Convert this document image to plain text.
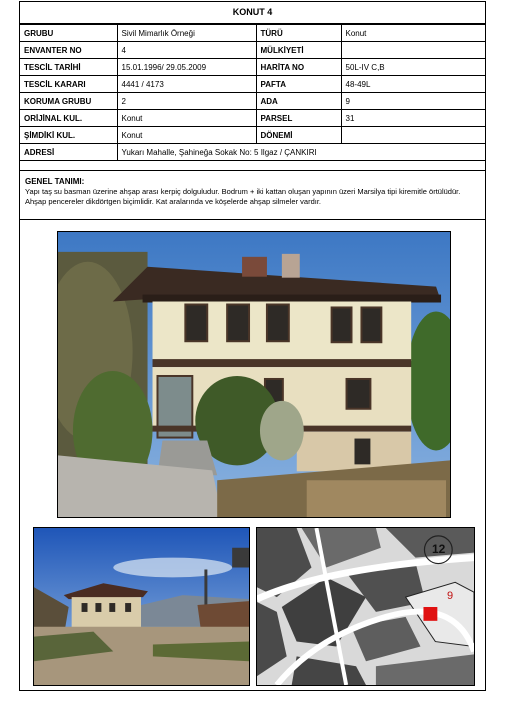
KONUT 4
GRUBU	Sivil Mimarlık Örneği	TÜRÜ	Konut
ENVANTER NO	4	MÜLKİYETİ	
TESCİL TARİHİ	15.01.1996/ 29.05.2009	HARİTA NO	50L-IV C,B
TESCİL KARARI	4441 / 4173	PAFTA	48-49L
KORUMA GRUBU	2	ADA	9
ORİJİNAL KUL.	Konut	PARSEL	31
ŞİMDİKİ KUL.	Konut	DÖNEMİ	
ADRESİ	Yukarı Mahalle, Şahineğa Sokak No: 5 Ilgaz / ÇANKIRI		
GENEL TANIMI:
Yapı taş su basman üzerine ahşap arası kerpiç dolguludur. Bodrum + iki kattan oluşan yapının üzeri Marsilya tipi kiremitle örtülüdür. Ahşap pencereler dikdörtgen biçimlidir. Kat aralarında ve köşelerde ahşap silmeler vardır.
12
9
